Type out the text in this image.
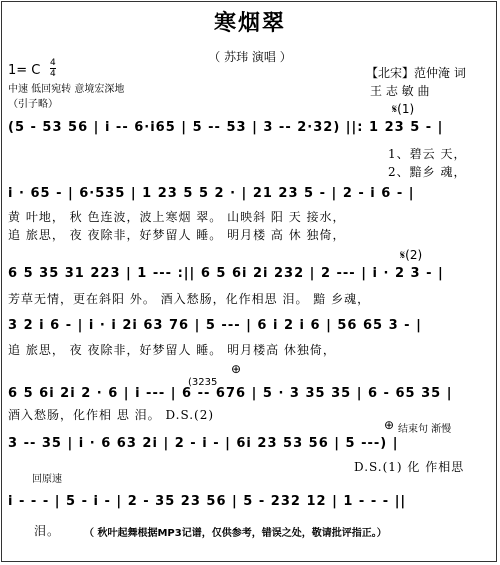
寒烟翠
（ 苏玮 演唱 ）
【北宋】范仲淹 词
王 志 敏 曲
1= C 4
4
中速 低回宛转 意境宏深地
（引子略）	𝄋(1)
(5 - 53 56 | i -- 6·i65 | 5 -- 53 | 3 -- 2·32) ||: 1 23 5 - |
1、碧云 天，
2、黯乡 魂，
i · 65 - | 6·535 | 1 23 5 5 2 · | 21 23 5 - | 2 - i 6 - |
黄 叶地， 秋 色连波，波上寒烟 翠。 山映斜 阳 天 接水，
追 旅思， 夜 夜除非，好梦留人 睡。 明月楼 高 休 独倚，
𝄋(2)
6 5 35 31 223 | 1 --- :|| 6 5 6i 2i 232 | 2 --- | i · 2 3 - |
芳草无情，更在斜阳 外。 酒入愁肠，化作相思 泪。 黯 乡魂，
3 2 i 6 - | i · i 2i 63 76 | 5 --- | 6 i 2 i 6 | 56 65 3 - |
追 旅思， 夜 夜除非，好梦留人 睡。 明月楼高 休独倚，
⊕
(3235
6 5 6i 2i 2 · 6 | i --- | 6 -- 676 | 5 · 3 35 35 | 6 - 65 35 |
酒入愁肠，化作相 思 泪。 D.S.(2)
⊕ 结束句 渐慢
3 -- 35 | i · 6 63 2i | 2 - i - | 6i 23 53 56 | 5 ---) |
D.S.(1) 化 作相思
回原速
i - - - | 5 - i - | 2 - 35 23 56 | 5 - 232 12 | 1 - - - ||
泪。 （ 秋叶起舞根据MP3记谱，仅供参考，错误之处，敬请批评指正。）
